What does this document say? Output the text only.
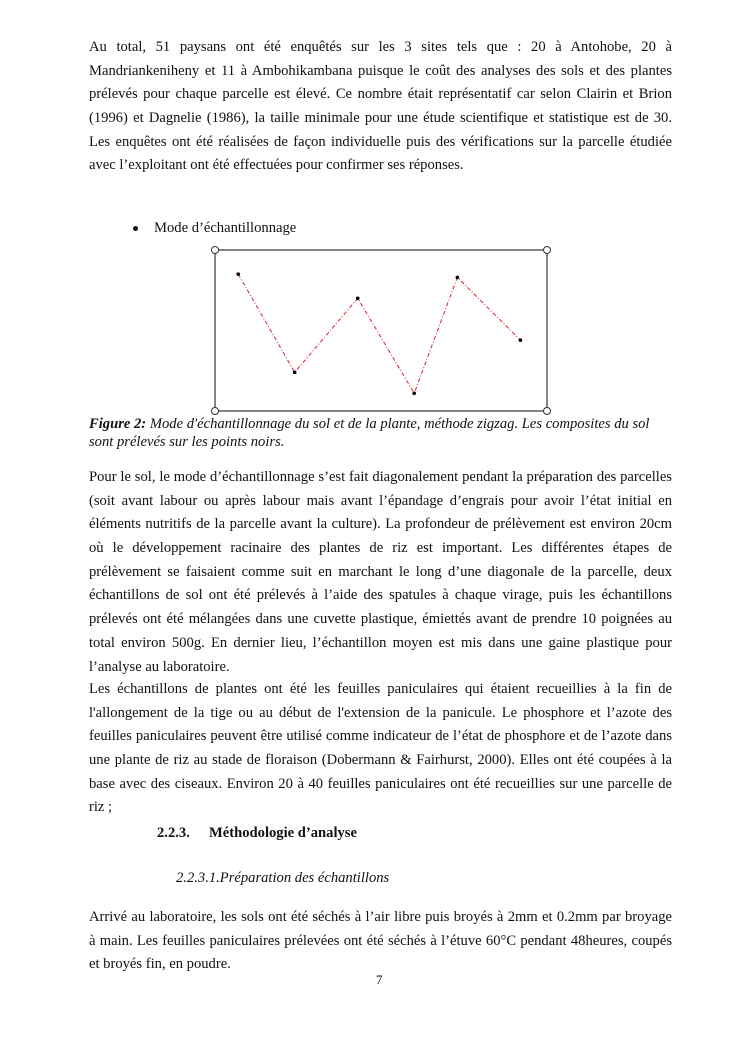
Au total, 51 paysans ont été enquêtés sur les 3 sites tels que : 20 à Antohobe, 20 à
Mandriankeniheny et 11 à Ambohikambana puisque le coût des analyses des sols et des plantes
prélevés pour chaque parcelle est élevé. Ce nombre était représentatif car selon Clairin et Brion
(1996) et Dagnelie (1986), la taille minimale pour une étude scientifique et statistique est de 30.
Les enquêtes ont été réalisées de façon individuelle puis des vérifications sur la parcelle étudiée
avec l’exploitant ont été effectuées pour confirmer ses réponses.
Mode d’échantillonnage
Figure 2: Mode d'échantillonnage du sol et de la plante, méthode zigzag. Les composites du sol
sont prélevés sur les points noirs.
Pour le sol, le mode d’échantillonnage s’est fait diagonalement pendant la préparation des parcelles
(soit avant labour ou après labour mais avant l’épandage d’engrais pour avoir l’état initial en
éléments nutritifs de la parcelle avant la culture). La profondeur de prélèvement est environ 20cm
où le développement racinaire des plantes de riz est important. Les différentes étapes de
prélèvement se faisaient comme suit en marchant le long d’une diagonale de la parcelle, deux
échantillons de sol ont été prélevés à l’aide des spatules à chaque virage, puis les échantillons
prélevés ont été mélangées dans une cuvette plastique, émiettés avant de prendre 10 poignées au
total environ 500g. En dernier lieu, l’échantillon moyen est mis dans une gaine plastique pour
l’analyse au laboratoire.
Les échantillons de plantes ont été les feuilles paniculaires qui étaient recueillies à la fin de
l'allongement de la tige ou au début de l'extension de la panicule. Le phosphore et l’azote des
feuilles paniculaires peuvent être utilisé comme indicateur de l’état de phosphore et de l’azote dans
une plante de riz au stade de floraison (Dobermann & Fairhurst, 2000). Elles ont été coupées à la
base avec des ciseaux. Environ 20 à 40 feuilles paniculaires ont été recueillies sur une parcelle de
riz ;
2.2.3. Méthodologie d’analyse
2.2.3.1.Préparation des échantillons
Arrivé au laboratoire, les sols ont été séchés à l’air libre puis broyés à 2mm et 0.2mm par broyage
à main. Les feuilles paniculaires prélevées ont été séchés à l’étuve 60°C pendant 48heures, coupés
et broyés fin, en poudre.
7
